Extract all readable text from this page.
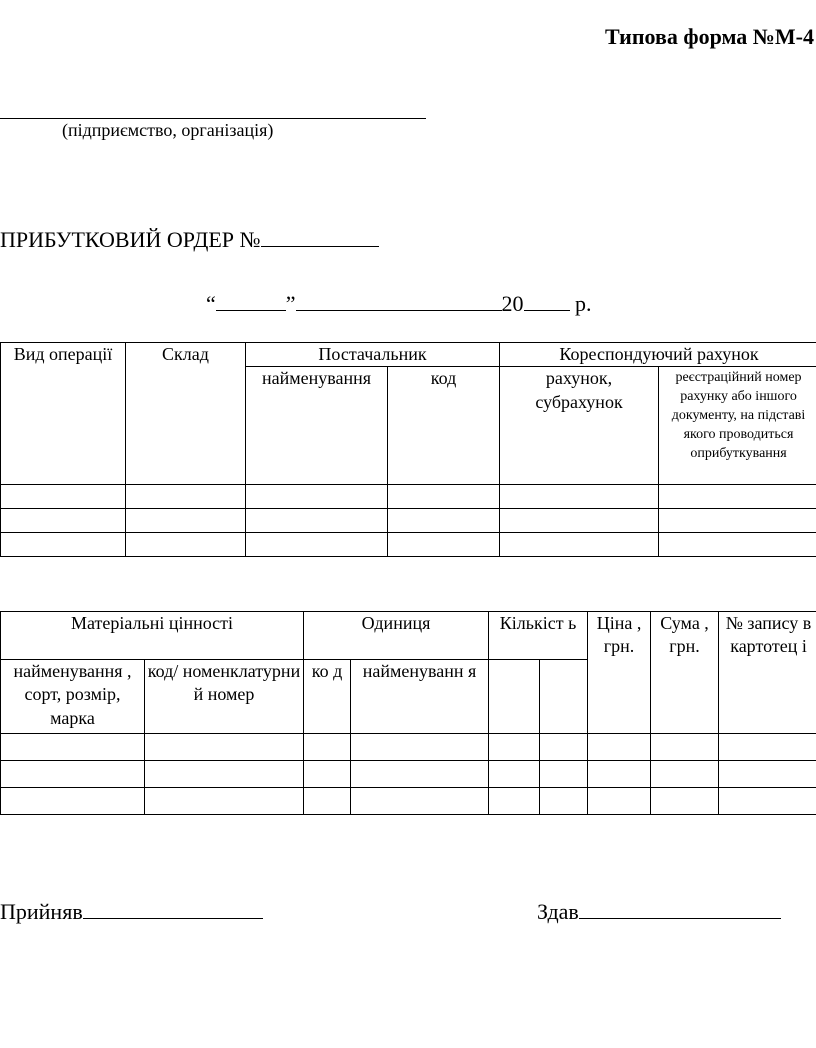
Типова форма №М-4
(підприємство, організація)
ПРИБУТКОВИЙ ОРДЕР №
“	”	20 р.
Вид операції	Склад	Постачальник		Кореспондуючий рахунок	
		найменування	код	рахунок, субрахунок	реєстраційний номер рахунку або іншого документу, на підставі якого проводиться оприбуткування

Матеріальні цінності		Одиниця		Кількіст ь		Ціна , грн.	Сума , грн.	№ запису в картотец і
найменування , сорт, розмір, марка	код/ номенклатурни й номер	ко д	найменуванн я					

Прийняв	Здав
